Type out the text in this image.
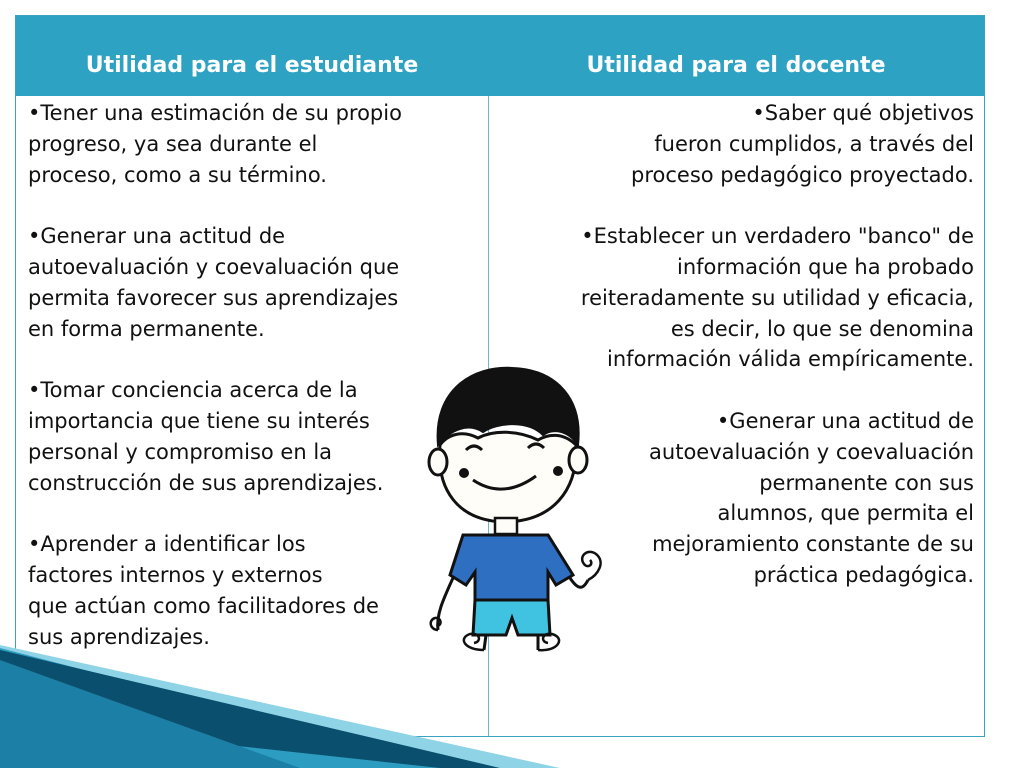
Utilidad para el estudiante	Utilidad para el docente

•Tener una estimación de su propio
progreso, ya sea durante el
proceso, como a su término.

•Generar una actitud de
autoevaluación y coevaluación que
permita favorecer sus aprendizajes
en forma permanente.

•Tomar conciencia acerca de la
importancia que tiene su interés
personal y compromiso en la
construcción de sus aprendizajes.

•Aprender a identificar los
factores internos y externos
que actúan como facilitadores de
sus aprendizajes.

•Saber qué objetivos
fueron cumplidos, a través del
proceso pedagógico proyectado.

•Establecer un verdadero "banco" de
información que ha probado
reiteradamente su utilidad y eficacia,
es decir, lo que se denomina
información válida empíricamente.

•Generar una actitud de
autoevaluación y coevaluación
permanente con sus
alumnos, que permita el
mejoramiento constante de su
práctica pedagógica.
